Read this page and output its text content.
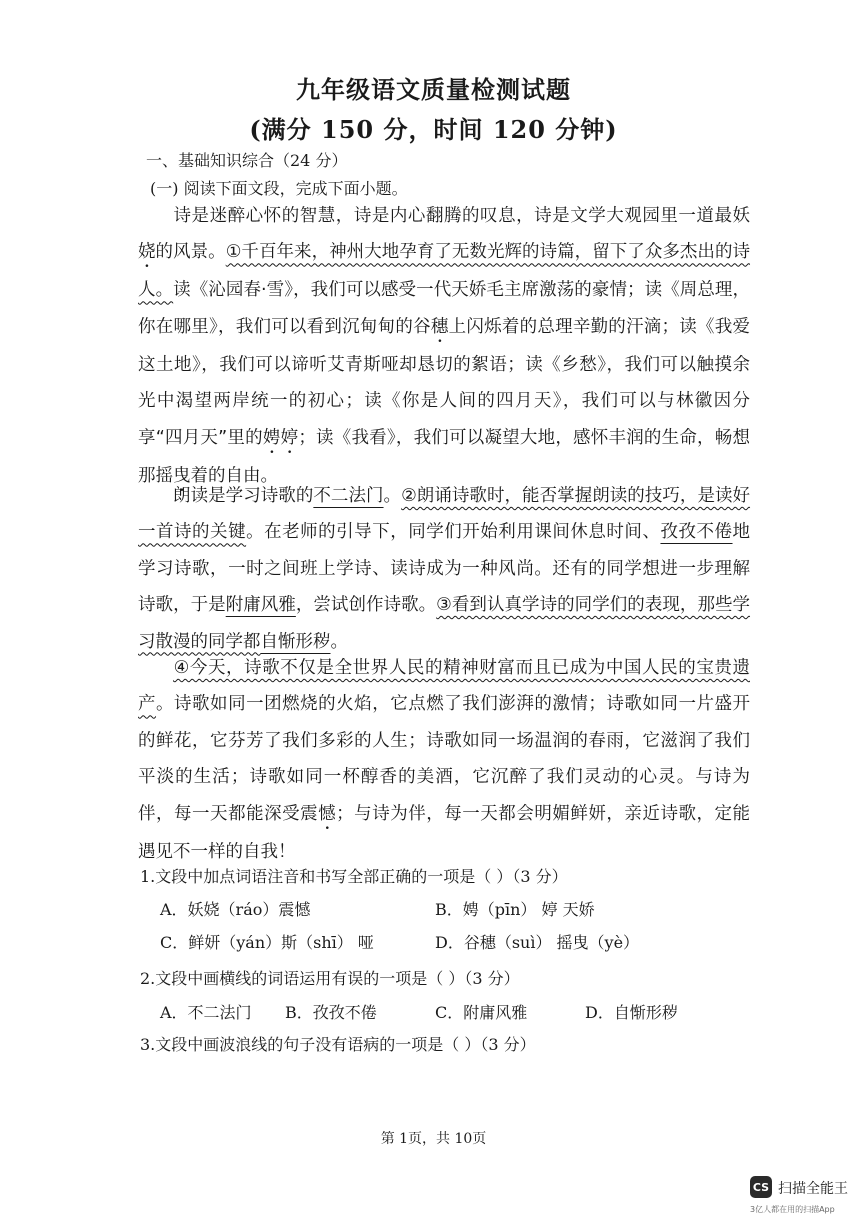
九年级语文质量检测试题
(满分 150 分，时间 120 分钟)
一、基础知识综合（24 分）
(一) 阅读下面文段，完成下面小题。
  诗是迷醉心怀的智慧，诗是内心翻腾的叹息，诗是文学大观园里一道最妖娆的风景。①千百年来，神州大地孕育了无数光辉的诗篇，留下了众多杰出的诗人。读《沁园春·雪》，我们可以感受一代天娇毛主席激荡的豪情；读《周总理，你在哪里》，我们可以看到沉甸甸的谷穗上闪烁着的总理辛勤的汗滴；读《我爱这土地》，我们可以谛听艾青斯哑却恳切的絮语；读《乡愁》，我们可以触摸余光中渴望两岸统一的初心；读《你是人间的四月天》，我们可以与林徽因分享“四月天”里的娉婷；读《我看》，我们可以凝望大地，感怀丰润的生命，畅想那摇曳着的自由。
  朗读是学习诗歌的不二法门。②朗诵诗歌时，能否掌握朗读的技巧，是读好一首诗的关键。在老师的引导下，同学们开始利用课间休息时间、孜孜不倦地学习诗歌，一时之间班上学诗、读诗成为一种风尚。还有的同学想进一步理解诗歌，于是附庸风雅，尝试创作诗歌。③看到认真学诗的同学们的表现，那些学习散漫的同学都自惭形秽。
  ④今天，诗歌不仅是全世界人民的精神财富而且已成为中国人民的宝贵遗产。诗歌如同一团燃烧的火焰，它点燃了我们澎湃的激情；诗歌如同一片盛开的鲜花，它芬芳了我们多彩的人生；诗歌如同一场温润的春雨，它滋润了我们平淡的生活；诗歌如同一杯醇香的美酒，它沉醉了我们灵动的心灵。与诗为伴，每一天都能深受震憾；与诗为伴，每一天都会明媚鲜妍，亲近诗歌，定能遇见不一样的自我！
1.文段中加点词语注音和书写全部正确的一项是（ ）（3 分）
A．妖娆（ráo）震憾	B．娉（pīn） 婷 天娇
C．鲜妍（yán）斯（shī） 哑	D．谷穗（suì） 摇曳（yè）
2.文段中画横线的词语运用有误的一项是（ ）（3 分）
A．不二法门 B．孜孜不倦	C．附庸风雅	D．自惭形秽
3.文段中画波浪线的句子没有语病的一项是（ ）（3 分）
第 1页，共 10页
CS 扫描全能王
3亿人都在用的扫描App
